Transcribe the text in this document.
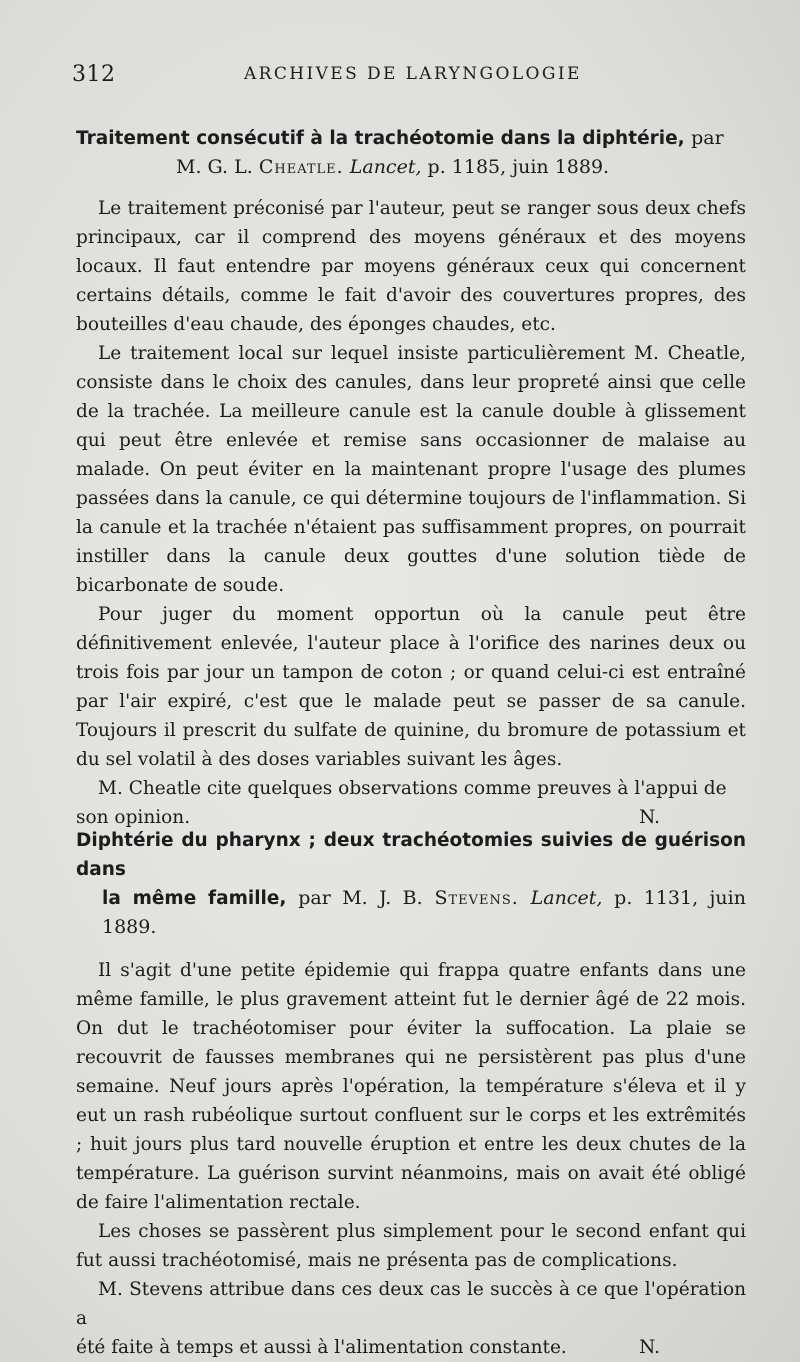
312	ARCHIVES DE LARYNGOLOGIE
Traitement consécutif à la trachéotomie dans la diphtérie, par
M. G. L. Cheatle. Lancet, p. 1185, juin 1889.

Le traitement préconisé par l'auteur, peut se ranger sous deux chefs principaux, car il comprend des moyens généraux et des moyens locaux. Il faut entendre par moyens généraux ceux qui concernent certains détails, comme le fait d'avoir des couvertures propres, des bouteilles d'eau chaude, des éponges chaudes, etc.

Le traitement local sur lequel insiste particulièrement M. Cheatle, consiste dans le choix des canules, dans leur propreté ainsi que celle de la trachée. La meilleure canule est la canule double à glissement qui peut être enlevée et remise sans occasionner de malaise au malade. On peut éviter en la maintenant propre l'usage des plumes passées dans la canule, ce qui détermine toujours de l'inflammation. Si la canule et la trachée n'étaient pas suffisamment propres, on pourrait instiller dans la canule deux gouttes d'une solution tiède de bicarbonate de soude.

Pour juger du moment opportun où la canule peut être définitivement enlevée, l'auteur place à l'orifice des narines deux ou trois fois par jour un tampon de coton ; or quand celui-ci est entraîné par l'air expiré, c'est que le malade peut se passer de sa canule. Toujours il prescrit du sulfate de quinine, du bromure de potassium et du sel volatil à des doses variables suivant les âges.

M. Cheatle cite quelques observations comme preuves à l'appui de

son opinion.	N.
Diphtérie du pharynx ; deux trachéotomies suivies de guérison dans
la même famille, par M. J. B. Stevens. Lancet, p. 1131, juin 1889.

Il s'agit d'une petite épidemie qui frappa quatre enfants dans une même famille, le plus gravement atteint fut le dernier âgé de 22 mois. On dut le trachéotomiser pour éviter la suffocation. La plaie se recouvrit de fausses membranes qui ne persistèrent pas plus d'une semaine. Neuf jours après l'opération, la température s'éleva et il y eut un rash rubéolique surtout confluent sur le corps et les extrêmités ; huit jours plus tard nouvelle éruption et entre les deux chutes de la température. La guérison survint néanmoins, mais on avait été obligé de faire l'alimentation rectale.

Les choses se passèrent plus simplement pour le second enfant qui fut aussi trachéotomisé, mais ne présenta pas de complications.

M. Stevens attribue dans ces deux cas le succès à ce que l'opération a

été faite à temps et aussi à l'alimentation constante.	N.
